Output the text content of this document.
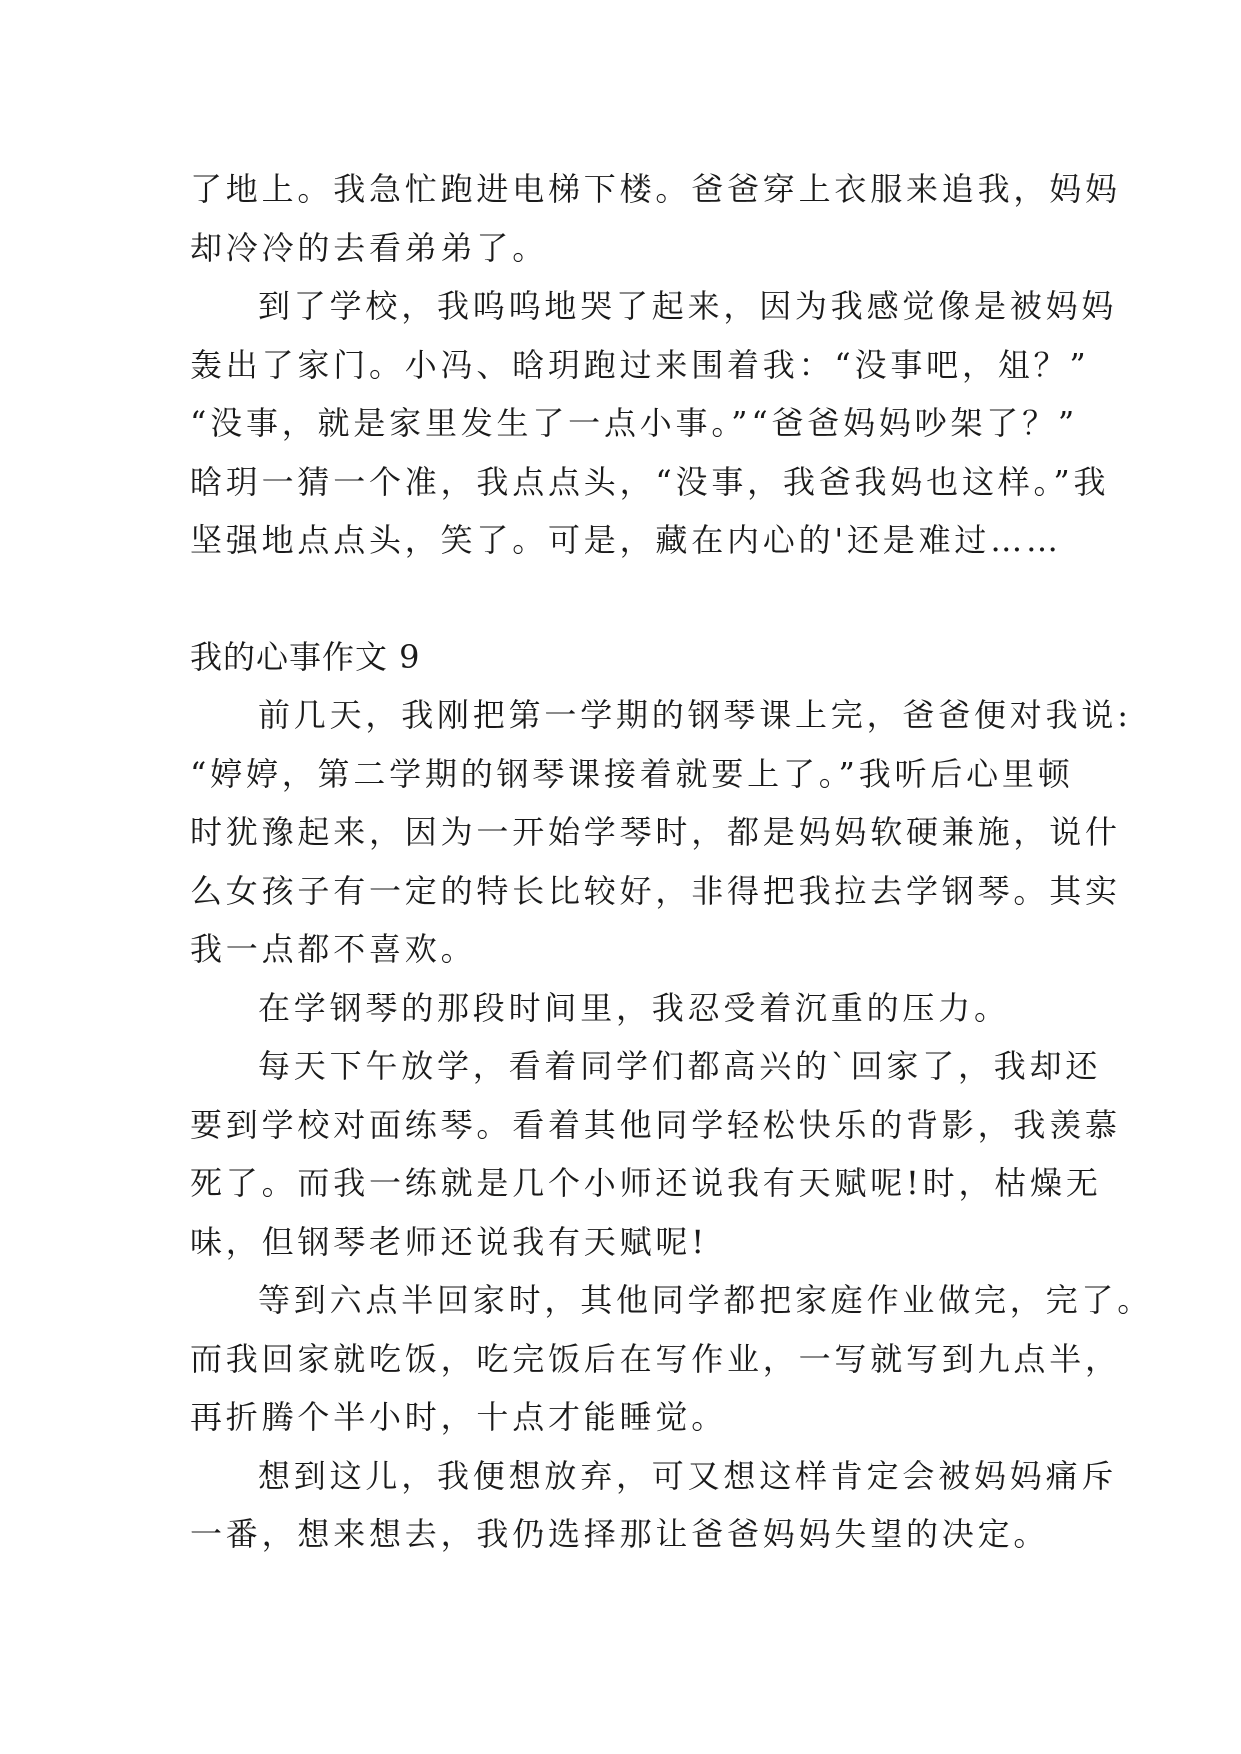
了地上。我急忙跑进电梯下楼。爸爸穿上衣服来追我，妈妈
却冷冷的去看弟弟了。
到了学校，我呜呜地哭了起来，因为我感觉像是被妈妈
轰出了家门。小冯、晗玥跑过来围着我：“没事吧，俎？”
“没事，就是家里发生了一点小事。”“爸爸妈妈吵架了？”
晗玥一猜一个准，我点点头，“没事，我爸我妈也这样。”我
坚强地点点头，笑了。可是，藏在内心的'还是难过……
我的心事作文 9
前几天，我刚把第一学期的钢琴课上完，爸爸便对我说:
“婷婷，第二学期的钢琴课接着就要上了。”我听后心里顿
时犹豫起来，因为一开始学琴时，都是妈妈软硬兼施，说什
么女孩子有一定的特长比较好，非得把我拉去学钢琴。其实
我一点都不喜欢。
在学钢琴的那段时间里，我忍受着沉重的压力。
每天下午放学，看着同学们都高兴的`回家了，我却还
要到学校对面练琴。看着其他同学轻松快乐的背影，我羡慕
死了。而我一练就是几个小师还说我有天赋呢!时，枯燥无
味，但钢琴老师还说我有天赋呢!
等到六点半回家时，其他同学都把家庭作业做完，完了。
而我回家就吃饭，吃完饭后在写作业，一写就写到九点半，
再折腾个半小时，十点才能睡觉。
想到这儿，我便想放弃，可又想这样肯定会被妈妈痛斥
一番，想来想去，我仍选择那让爸爸妈妈失望的决定。
